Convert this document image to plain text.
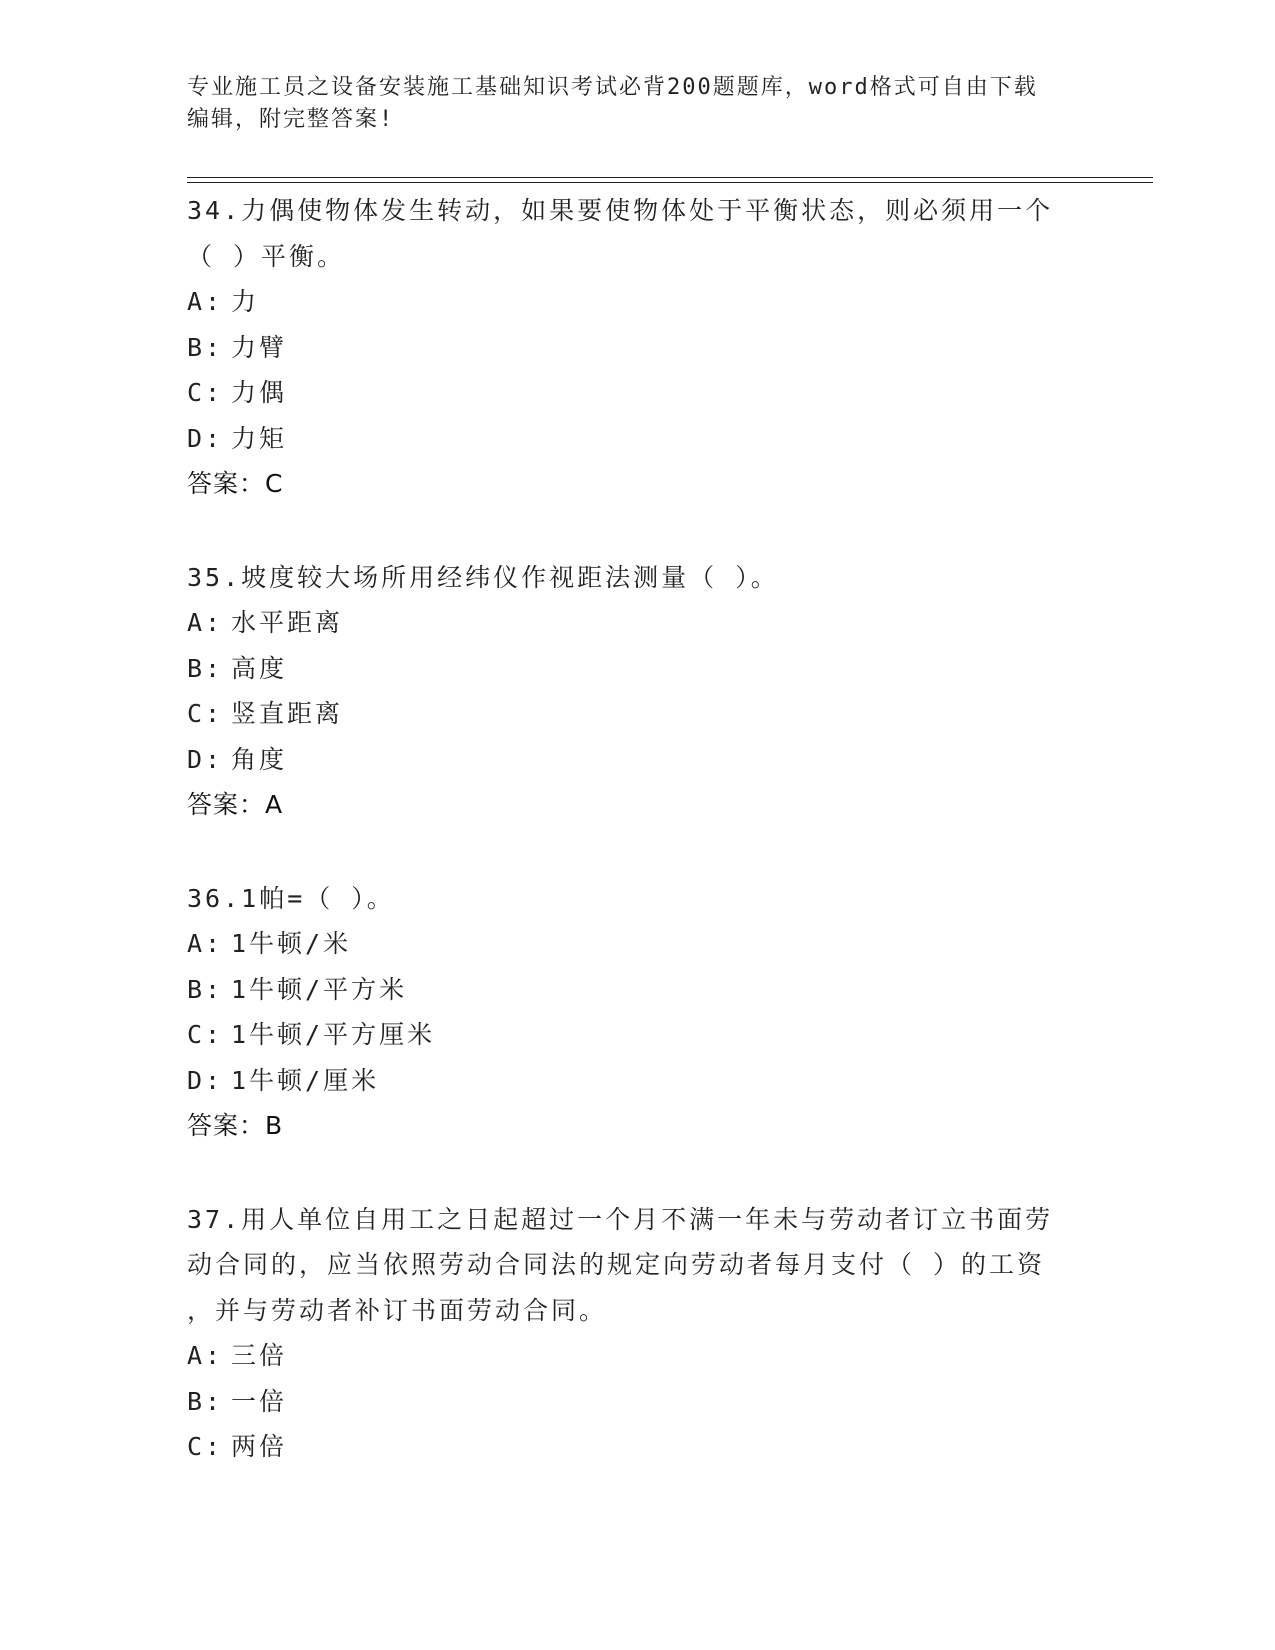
专业施工员之设备安装施工基础知识考试必背200题题库，word格式可自由下载
编辑，附完整答案!
34.力偶使物体发生转动，如果要使物体处于平衡状态，则必须用一个
（ ）平衡。
A: 力
B: 力臂
C: 力偶
D: 力矩
答案：C
35.坡度较大场所用经纬仪作视距法测量（ ）。
A: 水平距离
B: 高度
C: 竖直距离
D: 角度
答案：A
36.1帕=（ ）。
A: 1牛顿/米
B: 1牛顿/平方米
C: 1牛顿/平方厘米
D: 1牛顿/厘米
答案：B
37.用人单位自用工之日起超过一个月不满一年未与劳动者订立书面劳
动合同的，应当依照劳动合同法的规定向劳动者每月支付（ ）的工资
，并与劳动者补订书面劳动合同。
A: 三倍
B: 一倍
C: 两倍
